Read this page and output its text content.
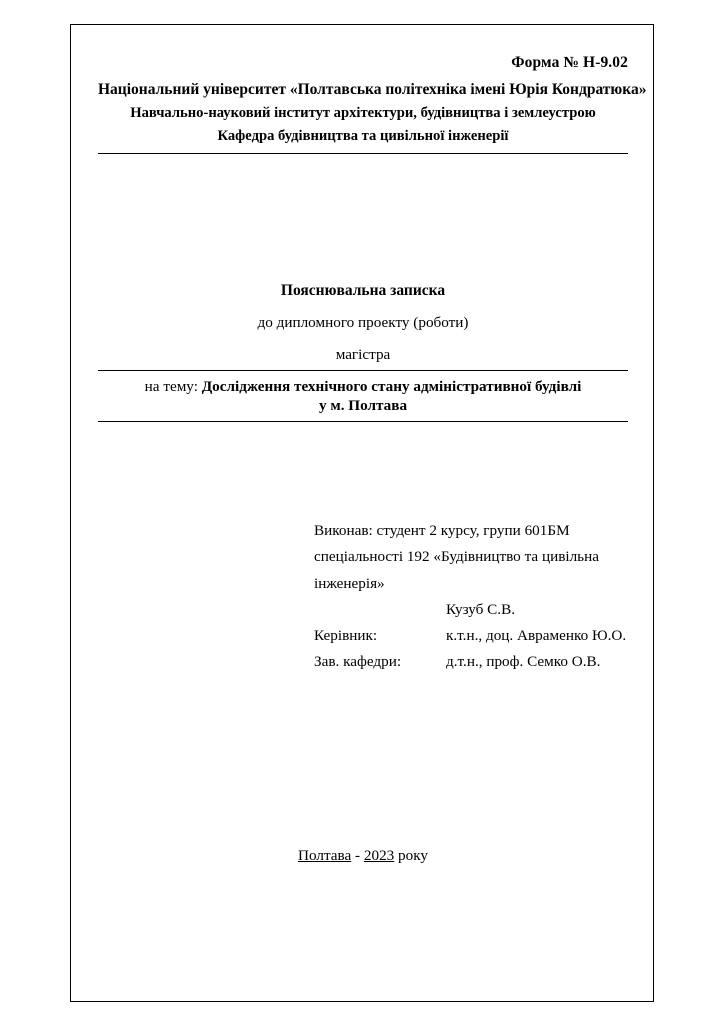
Форма № Н-9.02
Національний університет «Полтавська політехніка імені Юрія Кондратюка»
Навчально-науковий інститут архітектури, будівництва і землеустрою
Кафедра будівництва та цивільної інженерії
Пояснювальна записка
до дипломного проекту (роботи)
магістра
на тему: Дослідження технічного стану адміністративної будівлі
у м. Полтава
Виконав: студент 2 курсу, групи 601БМ
спеціальності 192 «Будівництво та цивільна
інженерія»
Кузуб С.В.
Керівник:	к.т.н., доц. Авраменко Ю.О.
Зав. кафедри:	д.т.н., проф. Семко О.В.
Полтава - 2023 року
